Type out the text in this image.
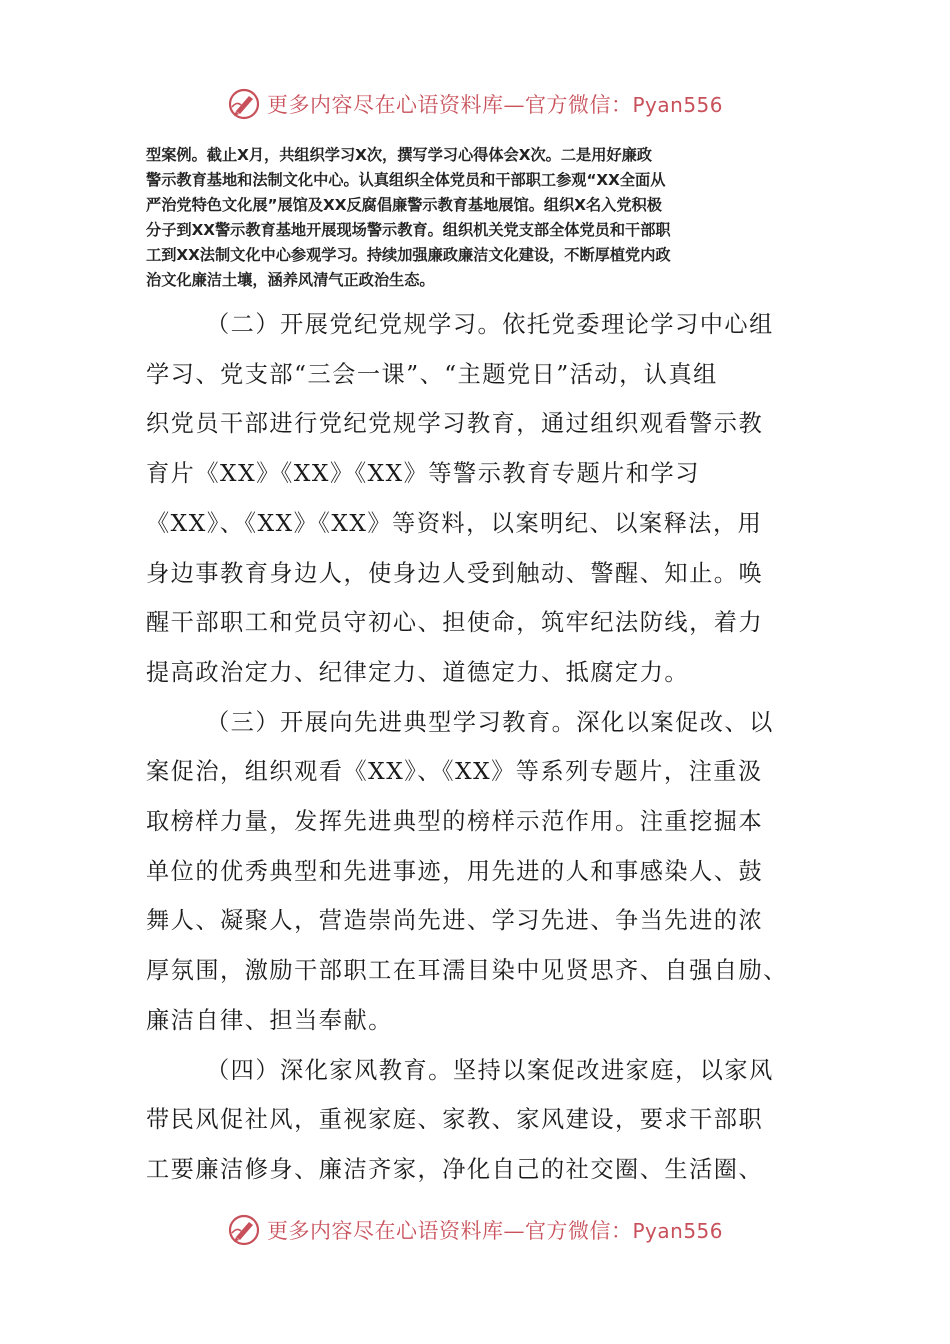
更多内容尽在心语资料库—官方微信：Pyan556

型案例。截止X月，共组织学习X次，撰写学习心得体会X次。二是用好廉政
警示教育基地和法制文化中心。认真组织全体党员和干部职工参观“XX全面从
严治党特色文化展”展馆及XX反腐倡廉警示教育基地展馆。组织X名入党积极
分子到XX警示教育基地开展现场警示教育。组织机关党支部全体党员和干部职
工到XX法制文化中心参观学习。持续加强廉政廉洁文化建设，不断厚植党内政
治文化廉洁土壤，涵养风清气正政治生态。

（二）开展党纪党规学习。依托党委理论学习中心组
学习、党支部“三会一课”、“主题党日”活动，认真组
织党员干部进行党纪党规学习教育，通过组织观看警示教
育片《XX》《XX》《XX》等警示教育专题片和学习
《XX》、《XX》《XX》等资料，以案明纪、以案释法，用
身边事教育身边人，使身边人受到触动、警醒、知止。唤
醒干部职工和党员守初心、担使命，筑牢纪法防线，着力
提高政治定力、纪律定力、道德定力、抵腐定力。

（三）开展向先进典型学习教育。深化以案促改、以
案促治，组织观看《XX》、《XX》等系列专题片，注重汲
取榜样力量，发挥先进典型的榜样示范作用。注重挖掘本
单位的优秀典型和先进事迹，用先进的人和事感染人、鼓
舞人、凝聚人，营造崇尚先进、学习先进、争当先进的浓
厚氛围，激励干部职工在耳濡目染中见贤思齐、自强自励、
廉洁自律、担当奉献。

（四）深化家风教育。坚持以案促改进家庭，以家风
带民风促社风，重视家庭、家教、家风建设，要求干部职
工要廉洁修身、廉洁齐家，净化自己的社交圈、生活圈、

更多内容尽在心语资料库—官方微信：Pyan556
